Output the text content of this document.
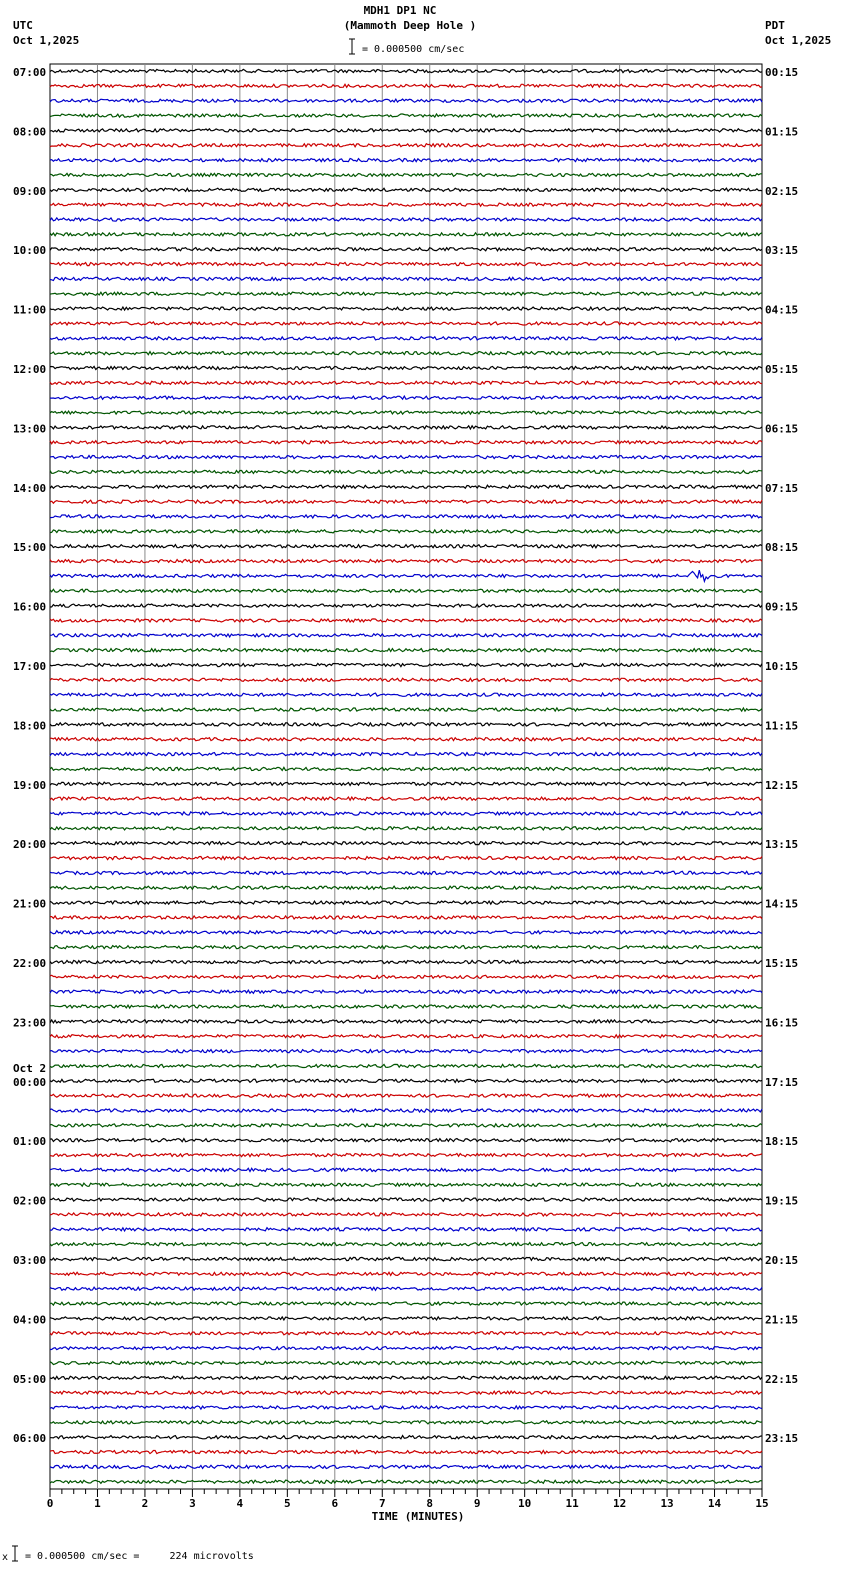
MDH1 DP1 NC
(Mammoth Deep Hole )
UTC
Oct 1,2025
PDT
Oct 1,2025
= 0.000500 cm/sec
07:00	00:15
08:00	01:15
09:00	02:15
10:00	03:15
11:00	04:15
12:00	05:15
13:00	06:15
14:00	07:15
15:00	08:15
16:00	09:15
17:00	10:15
18:00	11:15
19:00	12:15
20:00	13:15
21:00	14:15
22:00	15:15
23:00	16:15
00:00	17:15
01:00	18:15
02:00	19:15
03:00	20:15
04:00	21:15
05:00	22:15
06:00	23:15
Oct 2
0	1	2	3	4	5	6	7	8	9	10	11	12	13	14	15
TIME (MINUTES)
x = 0.000500 cm/sec =     224 microvolts
